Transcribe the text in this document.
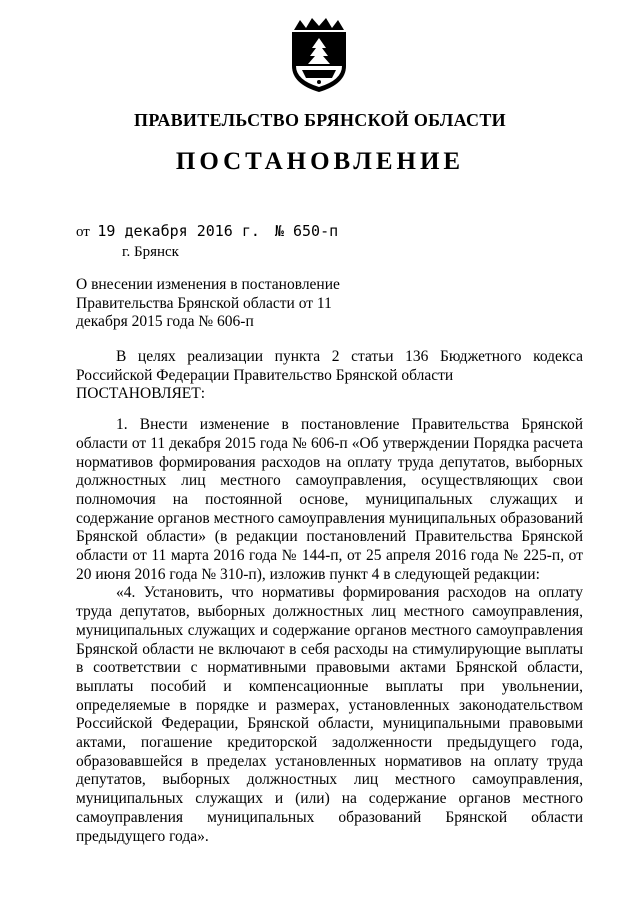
ПРАВИТЕЛЬСТВО БРЯНСКОЙ ОБЛАСТИ
ПОСТАНОВЛЕНИЕ
от 19 декабря 2016 г. № 650-п
г. Брянск
О внесении изменения в постановление Правительства Брянской области от 11 декабря 2015 года № 606-п

В целях реализации пункта 2 статьи 136 Бюджетного кодекса Российской Федерации Правительство Брянской области

ПОСТАНОВЛЯЕТ:

1. Внести изменение в постановление Правительства Брянской области от 11 декабря 2015 года № 606-п «Об утверждении Порядка расчета нормативов формирования расходов на оплату труда депутатов, выборных должностных лиц местного самоуправления, осуществляющих свои полномочия на постоянной основе, муниципальных служащих и содержание органов местного самоуправления муниципальных образований Брянской области» (в редакции постановлений Правительства Брянской области от 11 марта 2016 года № 144-п, от 25 апреля 2016 года № 225-п, от 20 июня 2016 года № 310-п), изложив пункт 4 в следующей редакции:

«4. Установить, что нормативы формирования расходов на оплату труда депутатов, выборных должностных лиц местного самоуправления, муниципальных служащих и содержание органов местного самоуправления Брянской области не включают в себя расходы на стимулирующие выплаты в соответствии с нормативными правовыми актами Брянской области, выплаты пособий и компенсационные выплаты при увольнении, определяемые в порядке и размерах, установленных законодательством Российской Федерации, Брянской области, муниципальными правовыми актами, погашение кредиторской задолженности предыдущего года, образовавшейся в пределах установленных нормативов на оплату труда депутатов, выборных должностных лиц местного самоуправления, муниципальных служащих и (или) на содержание органов местного самоуправления муниципальных образований Брянской области предыдущего года».
